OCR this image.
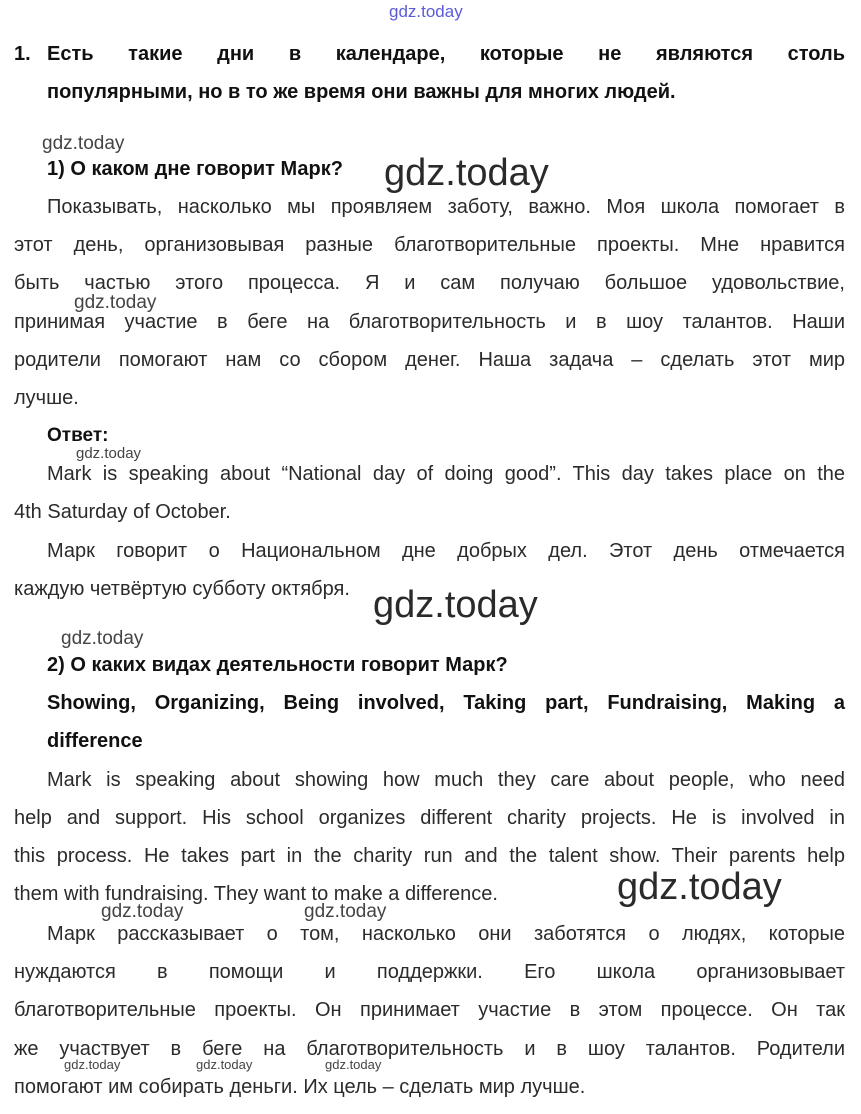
gdz.today
1. Есть такие дни в календаре, которые не являются столь
популярными, но в то же время они важны для многих людей.
gdz.today
gdz.today
1) О каком дне говорит Марк?
Показывать, насколько мы проявляем заботу, важно. Моя школа помогает в
этот день, организовывая разные благотворительные проекты. Мне нравится
быть частью этого процесса. Я и сам получаю большое удовольствие,
gdz.today
принимая участие в беге на благотворительность и в шоу талантов. Наши
родители помогают нам со сбором денег. Наша задача – сделать этот мир
лучше.
Ответ:
gdz.today
Mark is speaking about “National day of doing good”. This day takes place on the
4th Saturday of October.
Марк говорит о Национальном дне добрых дел. Этот день отмечается
каждую четвёртую субботу октября. gdz.today
gdz.today
2) О каких видах деятельности говорит Марк?
Showing, Organizing, Being involved, Taking part, Fundraising, Making a
difference
Mark is speaking about showing how much they care about people, who need
help and support. His school organizes different charity projects. He is involved in
this process. He takes part in the charity run and the talent show. Their parents help
them with fundraising. They want to make a difference.	gdz.today
gdz.today	gdz.today
Марк рассказывает о том, насколько они заботятся о людях, которые
нуждаются в помощи и поддержки. Его школа организовывает
благотворительные проекты. Он принимает участие в этом процессе. Он так
же участвует в беге на благотворительность и в шоу талантов. Родители
gdz.today	gdz.today	gdz.today
помогают им собирать деньги. Их цель – сделать мир лучше.
